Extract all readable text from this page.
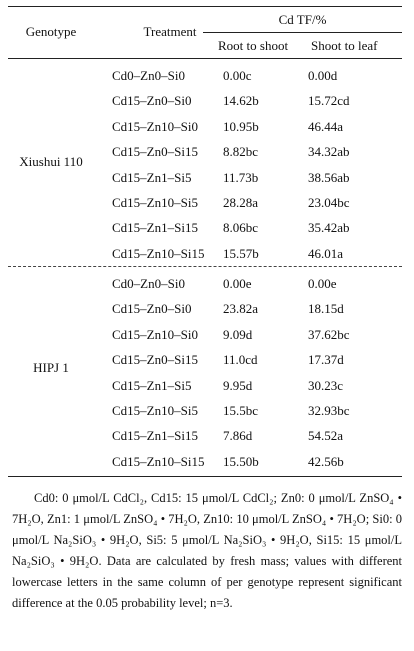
Genotype	Treatment
Cd TF/%
Root to shoot Shoot to leaf
Xiushui 110
Cd0–Zn0–Si0	0.00c	0.00d
Cd15–Zn0–Si0	14.62b	15.72cd
Cd15–Zn10–Si0	10.95b	46.44a
Cd15–Zn0–Si15	8.82bc	34.32ab
Cd15–Zn1–Si5	11.73b	38.56ab
Cd15–Zn10–Si5	28.28a	23.04bc
Cd15–Zn1–Si15	8.06bc	35.42ab
Cd15–Zn10–Si15	15.57b	46.01a
HIPJ 1
Cd0–Zn0–Si0	0.00e	0.00e
Cd15–Zn0–Si0	23.82a	18.15d
Cd15–Zn10–Si0	9.09d	37.62bc
Cd15–Zn0–Si15	11.0cd	17.37d
Cd15–Zn1–Si5	9.95d	30.23c
Cd15–Zn10–Si5	15.5bc	32.93bc
Cd15–Zn1–Si15	7.86d	54.52a
Cd15–Zn10–Si15	15.50b	42.56b

Cd0: 0 μmol/L CdCl₂, Cd15: 15 μmol/L CdCl₂; Zn0: 0 μmol/L ZnSO₄ • 7H₂O, Zn1: 1 μmol/L ZnSO₄ • 7H₂O, Zn10: 10 μmol/L ZnSO₄ • 7H₂O; Si0: 0 μmol/L Na₂SiO₃ • 9H₂O, Si5: 5 μmol/L Na₂SiO₃ • 9H₂O, Si15: 15 μmol/L Na₂SiO₃ • 9H₂O. Data are calculated by fresh mass; values with different lowercase letters in the same column of per genotype represent significant difference at the 0.05 probability level; n=3.
